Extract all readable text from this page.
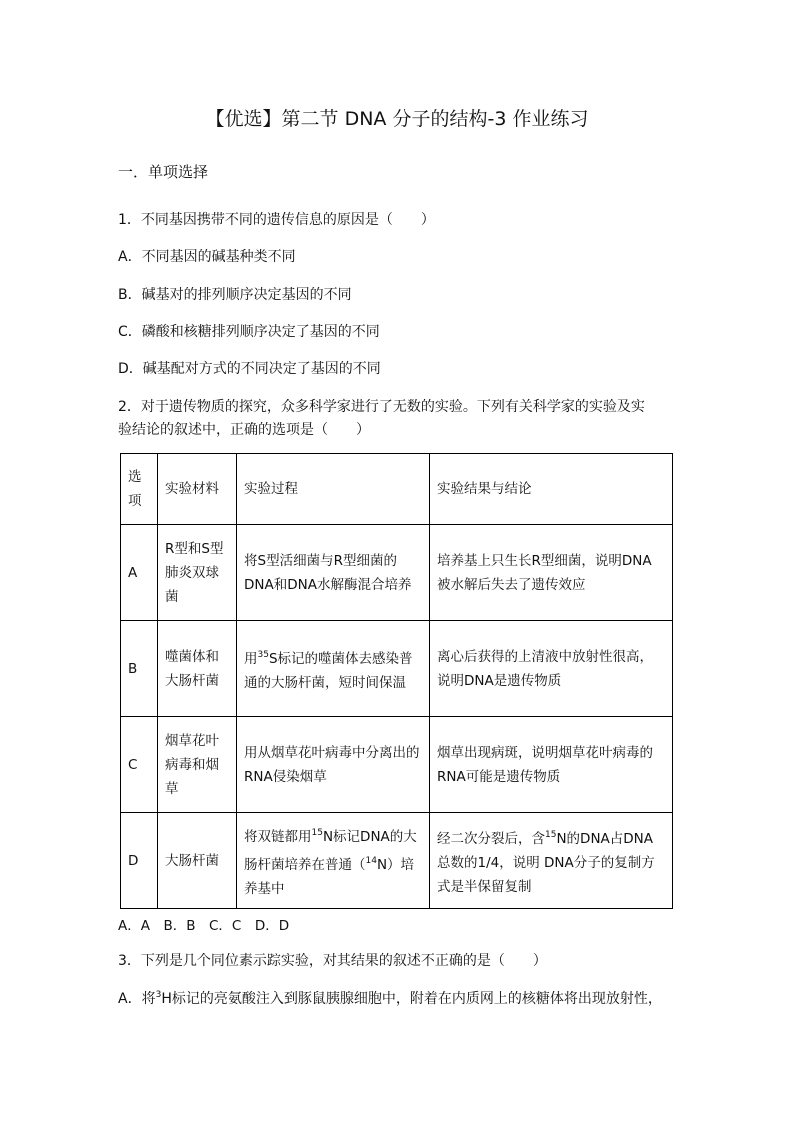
【优选】第二节 DNA 分子的结构-3 作业练习
一．单项选择
1．不同基因携带不同的遗传信息的原因是（　　）
A．不同基因的碱基种类不同
B．碱基对的排列顺序决定基因的不同
C．磷酸和核糖排列顺序决定了基因的不同
D．碱基配对方式的不同决定了基因的不同
2．对于遗传物质的探究，众多科学家进行了无数的实验。下列有关科学家的实验及实
验结论的叙述中，正确的选项是（　　）
选项	实验材料	实验过程	实验结果与结论
A	R型和S型肺炎双球菌	将S型活细菌与R型细菌的DNA和DNA水解酶混合培养	培养基上只生长R型细菌，说明DNA被水解后失去了遗传效应
B	噬菌体和大肠杆菌	用$^{35}$S标记的噬菌体去感染普通的大肠杆菌，短时间保温	离心后获得的上清液中放射性很高，说明DNA是遗传物质
C	烟草花叶病毒和烟草	用从烟草花叶病毒中分离出的RNA侵染烟草	烟草出现病斑，说明烟草花叶病毒的RNA可能是遗传物质
D	大肠杆菌	将双链都用$^{15}$N标记DNA的大肠杆菌培养在普通（$^{14}$N）培养基中	经二次分裂后，含$^{15}$N的DNA占DNA总数的1/4，说明 DNA分子的复制方式是半保留复制
A．A　B．B　C．C　D．D
3．下列是几个同位素示踪实验，对其结果的叙述不正确的是（　　）
A．将$^3$H标记的亮氨酸注入到豚鼠胰腺细胞中，附着在内质网上的核糖体将出现放射性，
